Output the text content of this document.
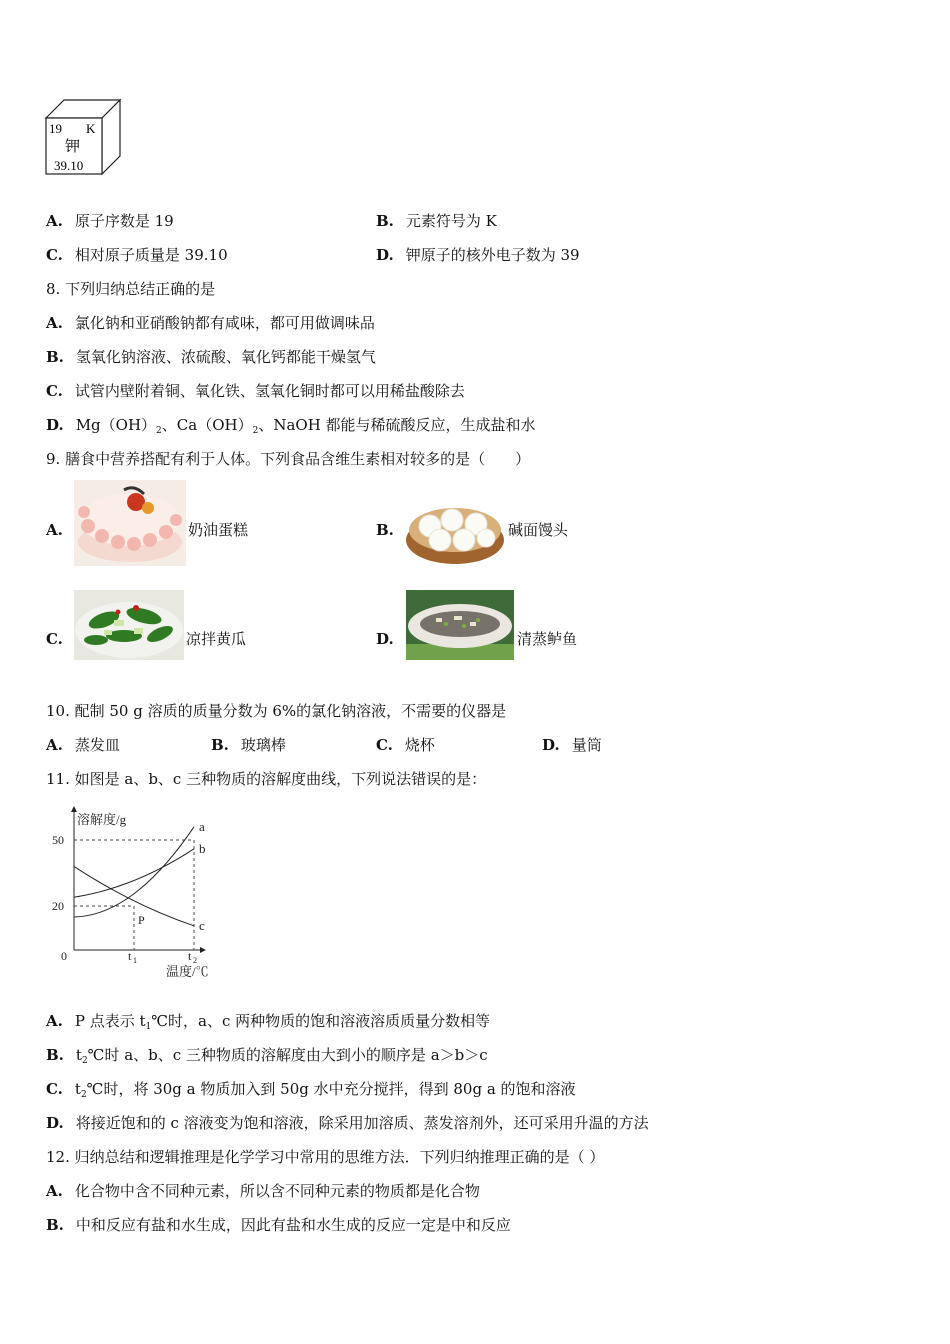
19 K
钾
39.10
A. 原子序数是 19	B. 元素符号为 K
C. 相对原子质量是 39.10	D. 钾原子的核外电子数为 39
8. 下列归纳总结正确的是
A. 氯化钠和亚硝酸钠都有咸味，都可用做调味品
B. 氢氧化钠溶液、浓硫酸、氧化钙都能干燥氢气
C. 试管内壁附着铜、氧化铁、氢氧化铜时都可以用稀盐酸除去
D. $Mg(OH)_2$、$Ca(OH)_2$、NaOH 都能与稀硫酸反应，生成盐和水
9. 膳食中营养搭配有利于人体。下列食品含维生素相对较多的是（　　）
A.	奶油蛋糕	B.	碱面馒头
C.	凉拌黄瓜	D.	清蒸鲈鱼
10. 配制 50 g 溶质的质量分数为 6%的氯化钠溶液，不需要的仪器是
A. 蒸发皿	B. 玻璃棒	C. 烧杯	D. 量筒
11. 如图是 a、b、c 三种物质的溶解度曲线，下列说法错误的是：
溶解度/g
温度/℃
50
20
0	t 1	t 2
a
b
c
P
A. P 点表示 $t_1℃$时，a、c 两种物质的饱和溶液溶质质量分数相等
B. $t_2℃$时 a、b、c 三种物质的溶解度由大到小的顺序是 a＞b＞c
C. $t_2℃$时，将 30g a 物质加入到 50g 水中充分搅拌，得到 80g a 的饱和溶液
D. 将接近饱和的 c 溶液变为饱和溶液，除采用加溶质、蒸发溶剂外，还可采用升温的方法
12. 归纳总结和逻辑推理是化学学习中常用的思维方法．下列归纳推理正确的是（ ）
A. 化合物中含不同种元素，所以含不同种元素的物质都是化合物
B. 中和反应有盐和水生成，因此有盐和水生成的反应一定是中和反应
